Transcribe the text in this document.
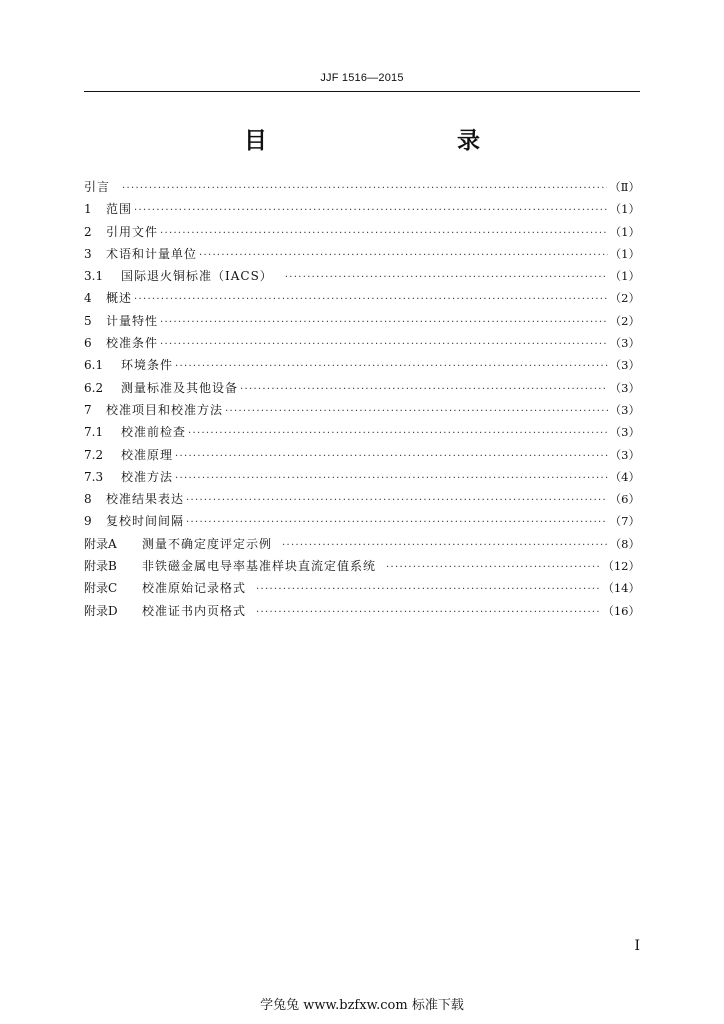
JJF 1516—2015
目　　录
引言 ·····	（Ⅱ）
1	范围 ·····	（1）
2	引用文件 ·····	（1）
3	术语和计量单位 ·····	（1）
3.1	国际退火铜标准（IACS） ·····	（1）
4	概述 ·····	（2）
5	计量特性 ·····	（2）
6	校准条件 ·····	（3）
6.1	环境条件 ·····	（3）
6.2	测量标准及其他设备 ·····	（3）
7	校准项目和校准方法 ·····	（3）
7.1	校准前检查 ·····	（3）
7.2	校准原理 ·····	（3）
7.3	校准方法 ·····	（4）
8	校准结果表达 ·····	（6）
9	复校时间间隔 ·····	（7）
附录A	测量不确定度评定示例 ·····	（8）
附录B	非铁磁金属电导率基准样块直流定值系统 ·····	（12）
附录C	校准原始记录格式 ·····	（14）
附录D	校准证书内页格式 ·····	（16）
I
学兔兔 www.bzfxw.com 标准下载
